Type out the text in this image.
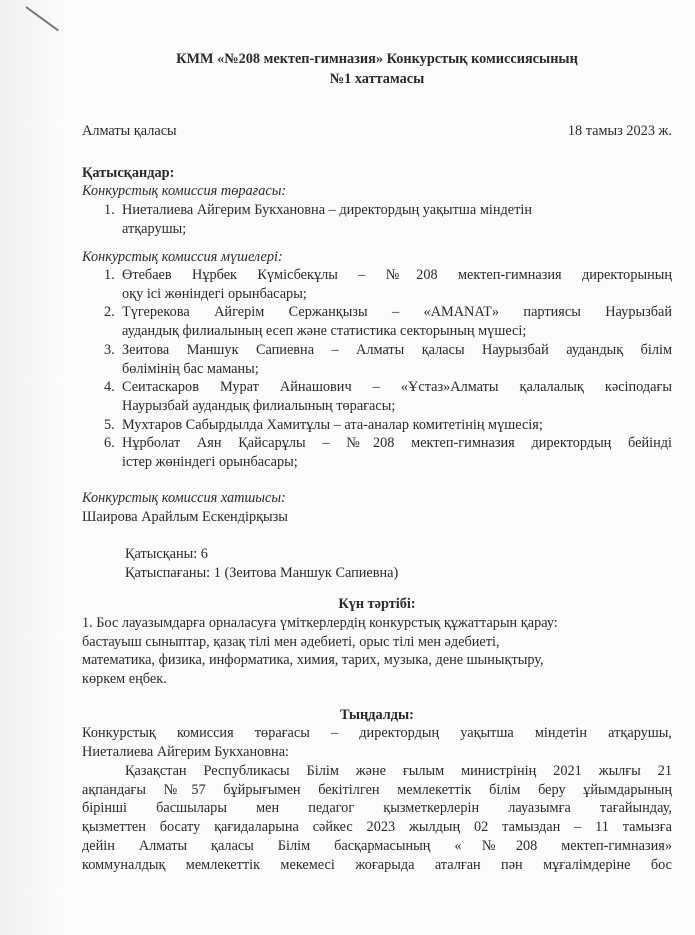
КММ «№208 мектеп-гимназия» Конкурстық комиссиясының
№1 хаттамасы
Алматы қаласы	18 тамыз 2023 ж.
Қатысқандар:
Конкурстық комиссия төрағасы:
1. Ниеталиева Айгерим Букхановна – директордың уақытша міндетін
атқарушы;
Конкурстық комиссия мүшелері:
1. Өтебаев Нұрбек Күмісбекұлы – №208 мектеп-гимназия директорының
оқу ісі жөніндегі орынбасары;
2. Түгерекова Айгерім Сержанқызы – «AMANAT» партиясы Наурызбай
аудандық филиалының есеп және статистика секторының мүшесі;
3. Зеитова Маншук Сапиевна – Алматы қаласы Наурызбай аудандық білім
бөлімінің бас маманы;
4. Сеитаскаров Мурат Айнашович – «Ұстаз»Алматы қалалалық кәсіподағы
Наурызбай аудандық филиалының төрағасы;
5. Мухтаров Сабырдылда Хамитұлы – ата-аналар комитетінің мүшесія;
6. Нұрболат Аян Қайсарұлы – №208 мектеп-гимназия директордың бейінді
істер жөніндегі орынбасары;
Конкурстық комиссия хатшысы:
Шаирова Арайлым Ескендірқызы
Қатысқаны: 6
Қатыспағаны: 1 (Зеитова Маншук Сапиевна)
Күн тәртібі:
1. Бос лауазымдарға орналасуға үміткерлердің конкурстық құжаттарын қарау:
бастауыш сыныптар, қазақ тілі мен әдебиеті, орыс тілі мен әдебиеті,
математика, физика, информатика, химия, тарих, музыка, дене шынықтыру,
көркем еңбек.
Тыңдалды:
Конкурстық комиссия төрағасы – директордың уақытша міндетін атқарушы,
Ниеталиева Айгерим Букхановна:
Қазақстан Республикасы Білім және ғылым министрінің 2021 жылғы 21
ақпандағы №57 бұйрығымен бекітілген мемлекеттік білім беру ұйымдарының
бірінші басшылары мен педагог қызметкерлерін лауазымға тағайындау,
қызметтен босату қағидаларына сәйкес 2023 жылдың 02 тамыздан – 11 тамызға
дейін Алматы қаласы Білім басқармасының «№208 мектеп-гимназия»
коммуналдық мемлекеттік мекемесі жоғарыда аталған пән мұғалімдеріне бос
